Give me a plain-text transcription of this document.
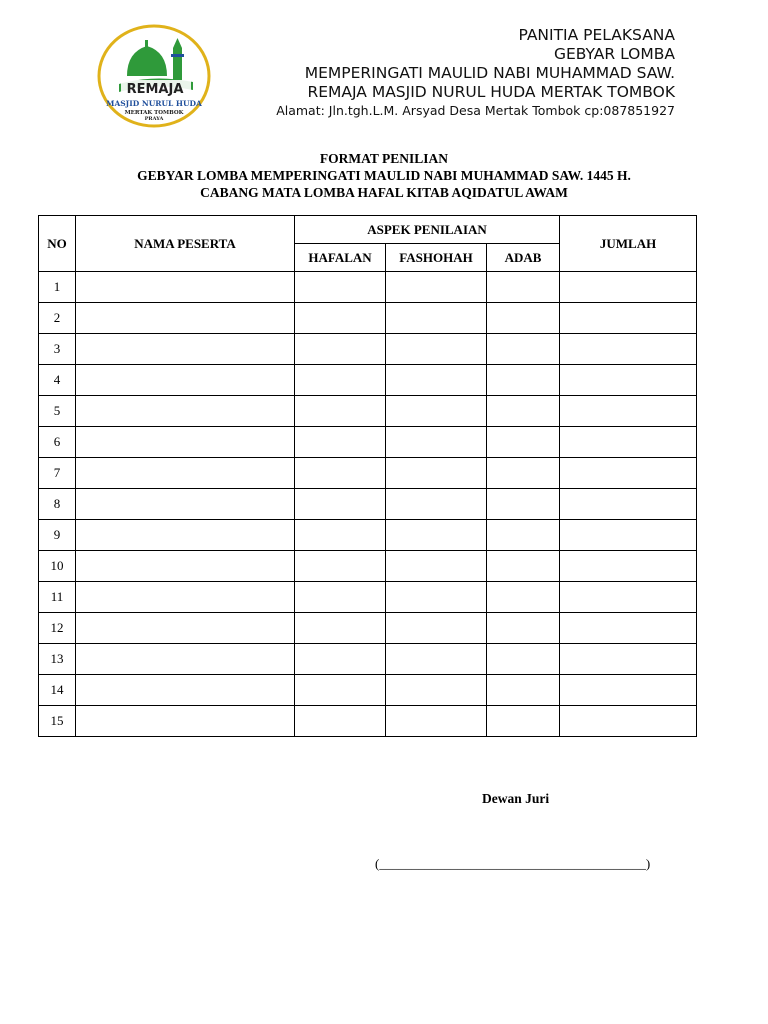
REMAJA
MASJID NURUL HUDA
MERTAK TOMBOK
PRAYA
PANITIA PELAKSANA
GEBYAR LOMBA
MEMPERINGATI MAULID NABI MUHAMMAD SAW.
REMAJA MASJID NURUL HUDA MERTAK TOMBOK
Alamat: Jln.tgh.L.M. Arsyad Desa Mertak Tombok cp:087851927
FORMAT PENILIAN
GEBYAR LOMBA MEMPERINGATI MAULID NABI MUHAMMAD SAW. 1445 H.
CABANG MATA LOMBA HAFAL KITAB AQIDATUL AWAM
NO	NAMA PESERTA	ASPEK PENILAIAN			JUMLAH
		HAFALAN	FASHOHAH	ADAB	
1					
2					
3					
4					
5					
6					
7					
8					
9					
10					
11					
12					
13					
14					
15					
Dewan Juri
(_________________________________________)
